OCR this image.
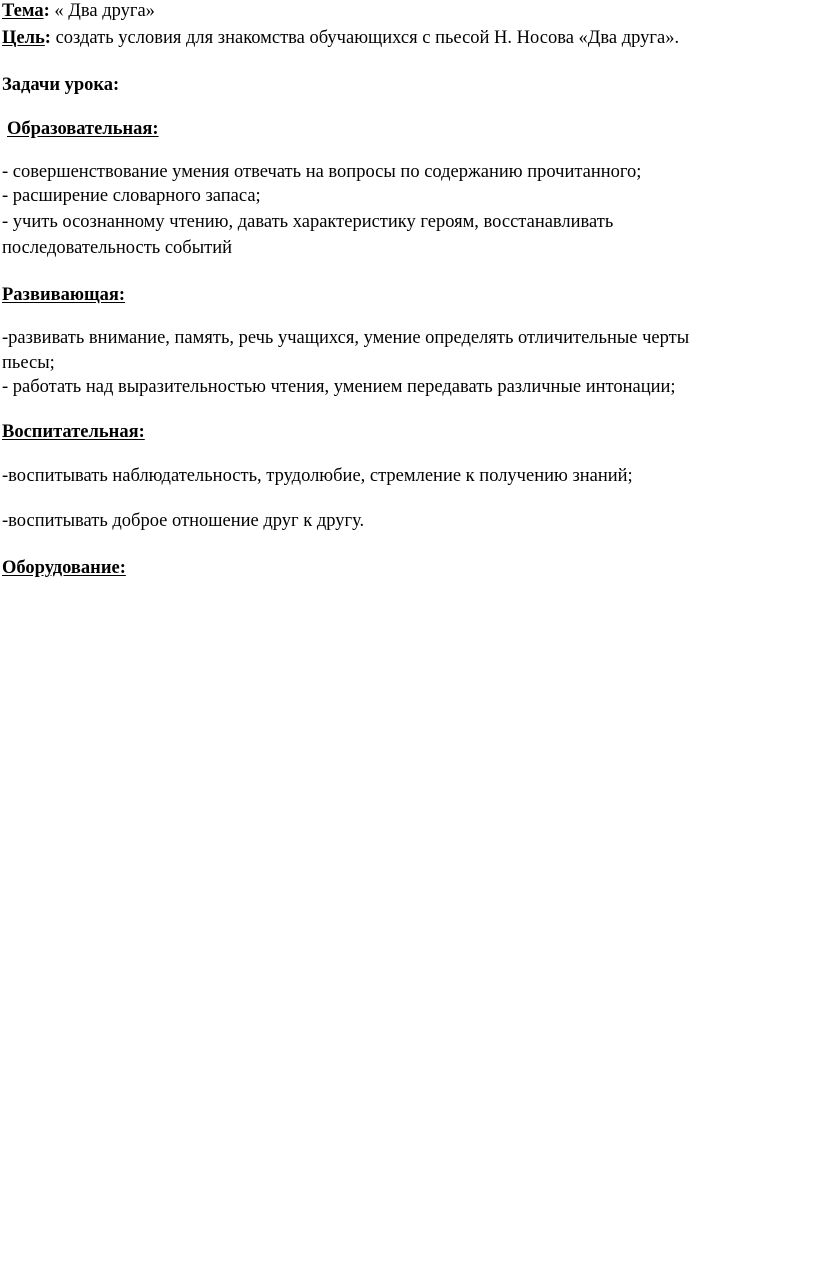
Тема: « Два друга»
Цель: создать условия для знакомства обучающихся с пьесой Н. Носова «Два друга».
Задачи урока:
Образовательная:
- совершенствование умения отвечать на вопросы по содержанию прочитанного;
- расширение словарного запаса;
- учить осознанному чтению, давать характеристику героям, восстанавливать
последовательность событий
Развивающая:
-развивать внимание, память, речь учащихся, умение определять отличительные черты
пьесы;
- работать над выразительностью чтения, умением передавать различные интонации;
Воспитательная:
-воспитывать наблюдательность, трудолюбие, стремление к получению знаний;
-воспитывать доброе отношение друг к другу.
Оборудование:
